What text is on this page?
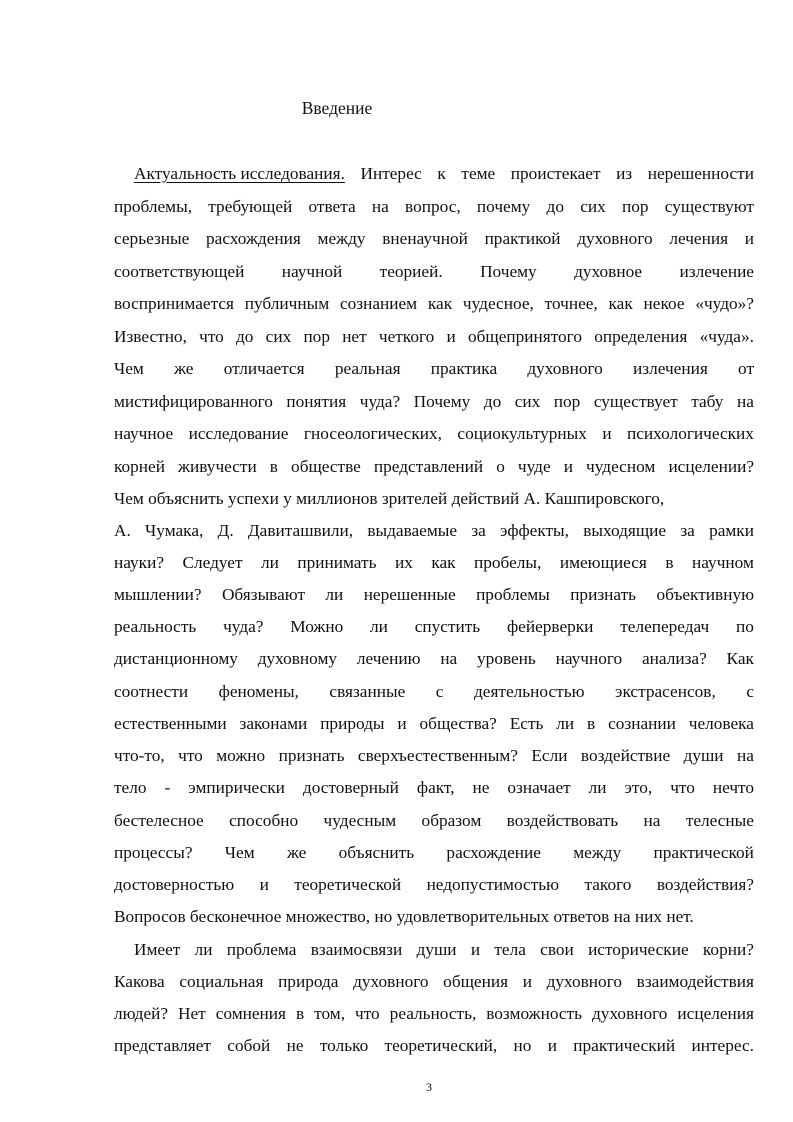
Введение
Актуальность исследования. Интерес к теме проистекает из нерешенности
проблемы, требующей ответа на вопрос, почему до сих пор существуют
серьезные расхождения между вненаучной практикой духовного лечения и
соответствующей научной теорией. Почему духовное излечение
воспринимается публичным сознанием как чудесное, точнее, как некое «чудо»?
Известно, что до сих пор нет четкого и общепринятого определения «чуда».
Чем же отличается реальная практика духовного излечения от
мистифицированного понятия чуда? Почему до сих пор существует табу на
научное исследование гносеологических, социокультурных и психологических
корней живучести в обществе представлений о чуде и чудесном исцелении?
Чем объяснить успехи у миллионов зрителей действий А. Кашпировского,
А. Чумака, Д. Давиташвили, выдаваемые за эффекты, выходящие за рамки
науки? Следует ли принимать их как пробелы, имеющиеся в научном
мышлении? Обязывают ли нерешенные проблемы признать объективную
реальность чуда? Можно ли спустить фейерверки телепередач по
дистанционному духовному лечению на уровень научного анализа? Как
соотнести феномены, связанные с деятельностью экстрасенсов, с
естественными законами природы и общества? Есть ли в сознании человека
что-то, что можно признать сверхъестественным? Если воздействие души на
тело - эмпирически достоверный факт, не означает ли это, что нечто
бестелесное способно чудесным образом воздействовать на телесные
процессы? Чем же объяснить расхождение между практической
достоверностью и теоретической недопустимостью такого воздействия?
Вопросов бесконечное множество, но удовлетворительных ответов на них нет.
Имеет ли проблема взаимосвязи души и тела свои исторические корни?
Какова социальная природа духовного общения и духовного взаимодействия
людей? Нет сомнения в том, что реальность, возможность духовного исцеления
представляет собой не только теоретический, но и практический интерес.
3
